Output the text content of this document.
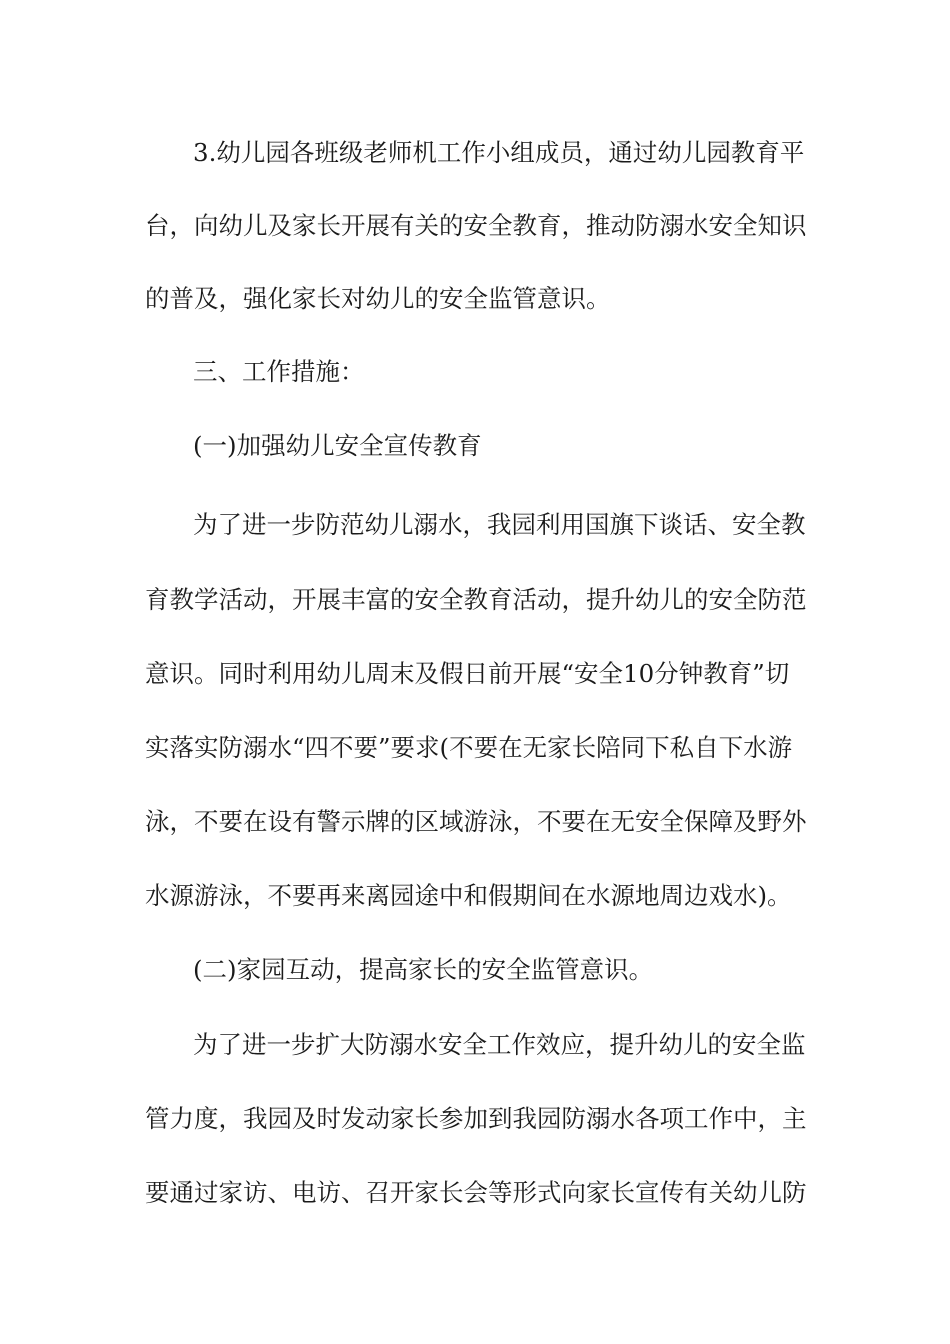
3.幼儿园各班级老师机工作小组成员，通过幼儿园教育平

台，向幼儿及家长开展有关的安全教育，推动防溺水安全知识

的普及，强化家长对幼儿的安全监管意识。

三、工作措施：

(一)加强幼儿安全宣传教育

为了进一步防范幼儿溺水，我园利用国旗下谈话、安全教

育教学活动，开展丰富的安全教育活动，提升幼儿的安全防范

意识。同时利用幼儿周末及假日前开展“安全10分钟教育”切

实落实防溺水“四不要”要求(不要在无家长陪同下私自下水游

泳，不要在设有警示牌的区域游泳，不要在无安全保障及野外

水源游泳，不要再来离园途中和假期间在水源地周边戏水)。

(二)家园互动，提高家长的安全监管意识。

为了进一步扩大防溺水安全工作效应，提升幼儿的安全监

管力度，我园及时发动家长参加到我园防溺水各项工作中，主

要通过家访、电访、召开家长会等形式向家长宣传有关幼儿防
